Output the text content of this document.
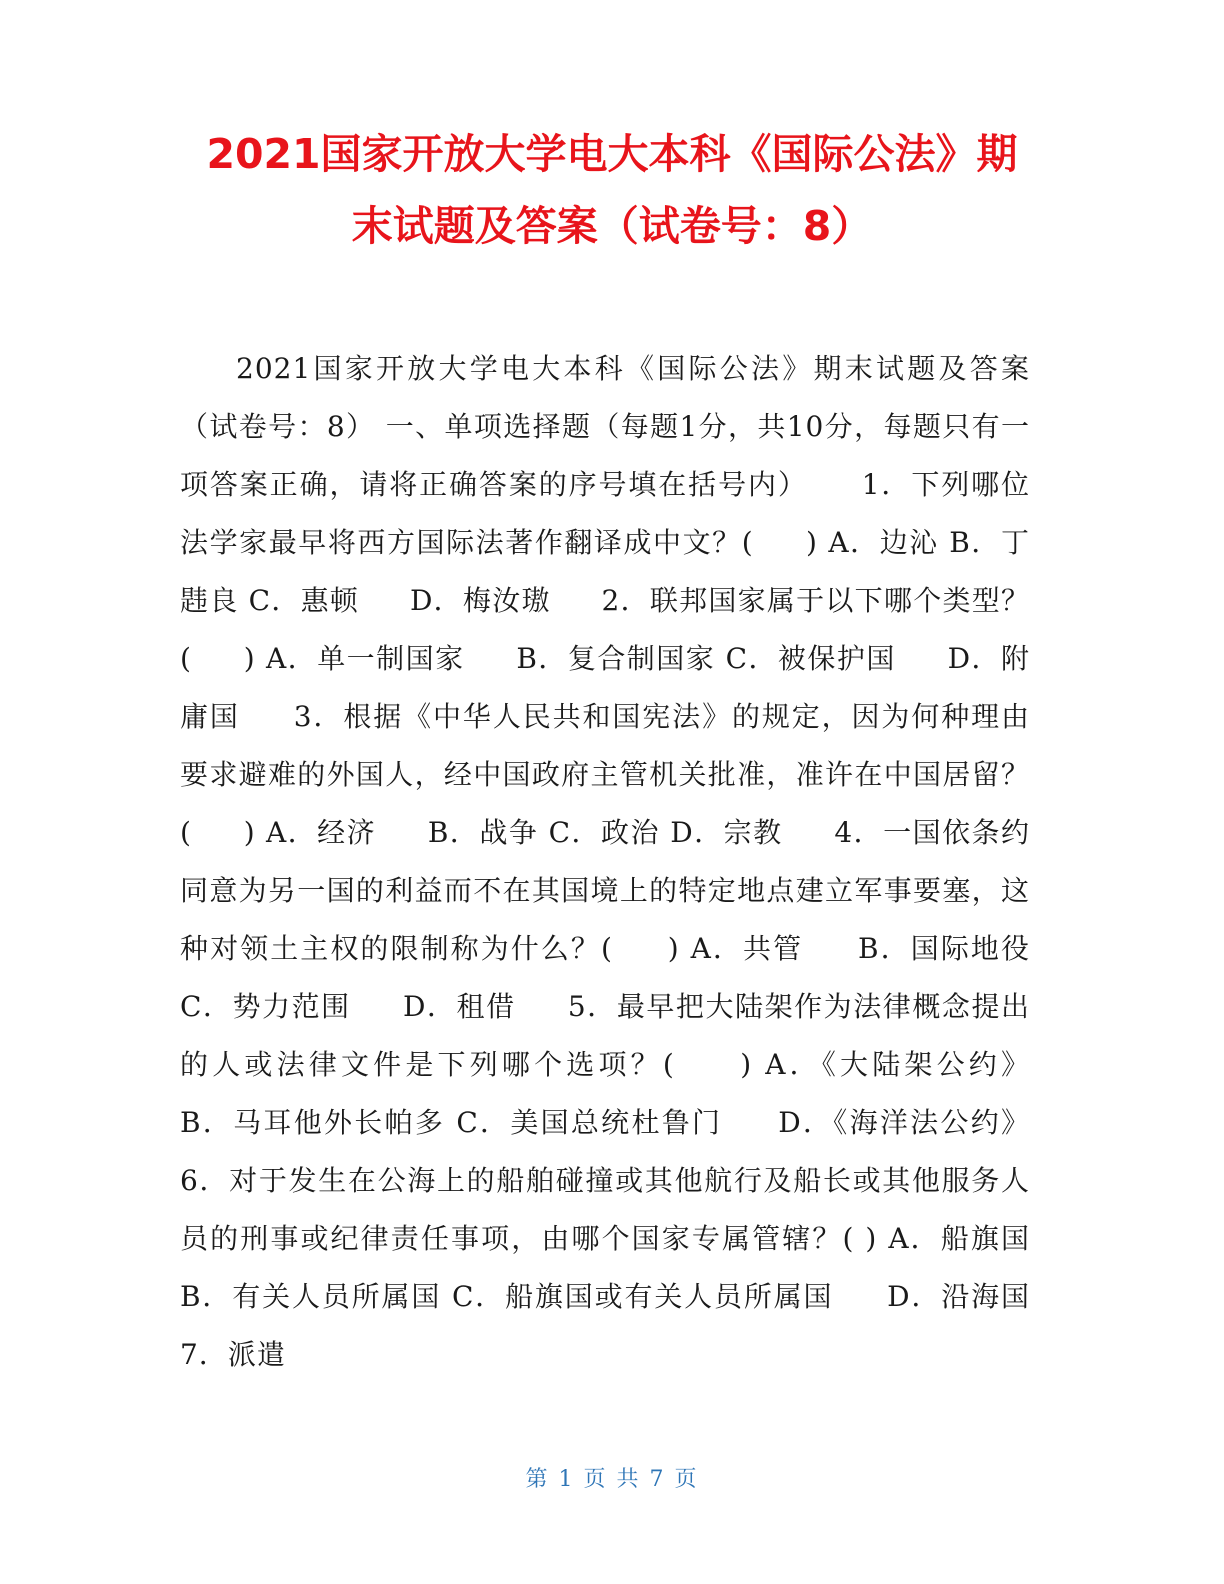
2021国家开放大学电大本科《国际公法》期
末试题及答案（试卷号：8）

2021国家开放大学电大本科《国际公法》期末试题及答案（试卷号：8） 一、单项选择题（每题1分，共10分，每题只有一项答案正确，请将正确答案的序号填在括号内）     1．下列哪位法学家最早将西方国际法著作翻译成中文？(     ) A．边沁 B．丁韪良 C．惠顿     D．梅汝璈     2．联邦国家属于以下哪个类型？(     ) A．单一制国家     B．复合制国家 C．被保护国     D．附庸国     3．根据《中华人民共和国宪法》的规定，因为何种理由要求避难的外国人，经中国政府主管机关批准，准许在中国居留？(     ) A．经济     B．战争 C．政治 D．宗教     4．一国依条约同意为另一国的利益而不在其国境上的特定地点建立军事要塞，这种对领土主权的限制称为什么？(     ) A．共管     B．国际地役 C．势力范围     D．租借     5．最早把大陆架作为法律概念提出的人或法律文件是下列哪个选项？(     ) A．《大陆架公约》     B．马耳他外长帕多 C．美国总统杜鲁门     D．《海洋法公约》     6．对于发生在公海上的船舶碰撞或其他航行及船长或其他服务人员的刑事或纪律责任事项，由哪个国家专属管辖？( ) A．船旗国     B．有关人员所属国 C．船旗国或有关人员所属国     D．沿海国 7．派遣

第 1 页 共 7 页
